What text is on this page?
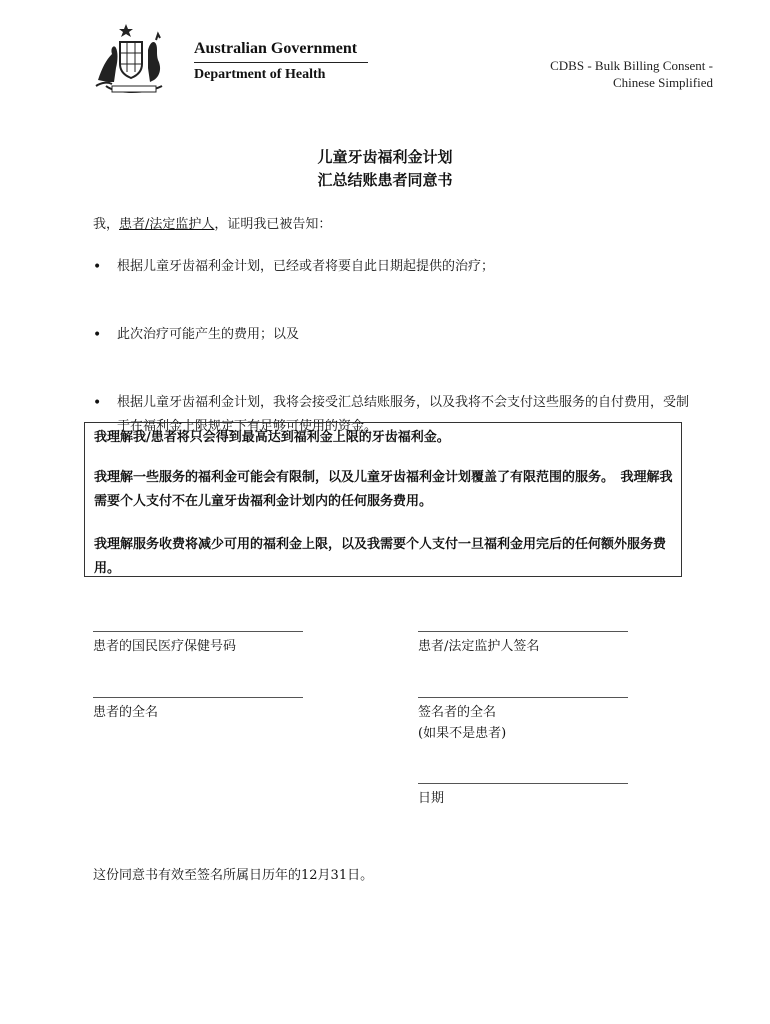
Australian Government
Department of Health
CDBS - Bulk Billing Consent -
Chinese Simplified
儿童牙齿福利金计划
汇总结账患者同意书
我，患者/法定监护人，证明我已被告知：
• 根据儿童牙齿福利金计划，已经或者将要自此日期起提供的治疗；
• 此次治疗可能产生的费用；以及
• 根据儿童牙齿福利金计划，我将会接受汇总结账服务，以及我将不会支付这些服务的自付费用，受制于在福利金上限规定下有足够可使用的资金。

我理解我/患者将只会得到最高达到福利金上限的牙齿福利金。

我理解一些服务的福利金可能会有限制，以及儿童牙齿福利金计划覆盖了有限范围的服务。　我理解我需要个人支付不在儿童牙齿福利金计划内的任何服务费用。

我理解服务收费将减少可用的福利金上限，以及我需要个人支付一旦福利金用完后的任何额外服务费用。

患者的国民医疗保健号码
患者的全名
患者/法定监护人签名
签名者的全名
(如果不是患者)
日期
这份同意书有效至签名所属日历年的12月31日。
